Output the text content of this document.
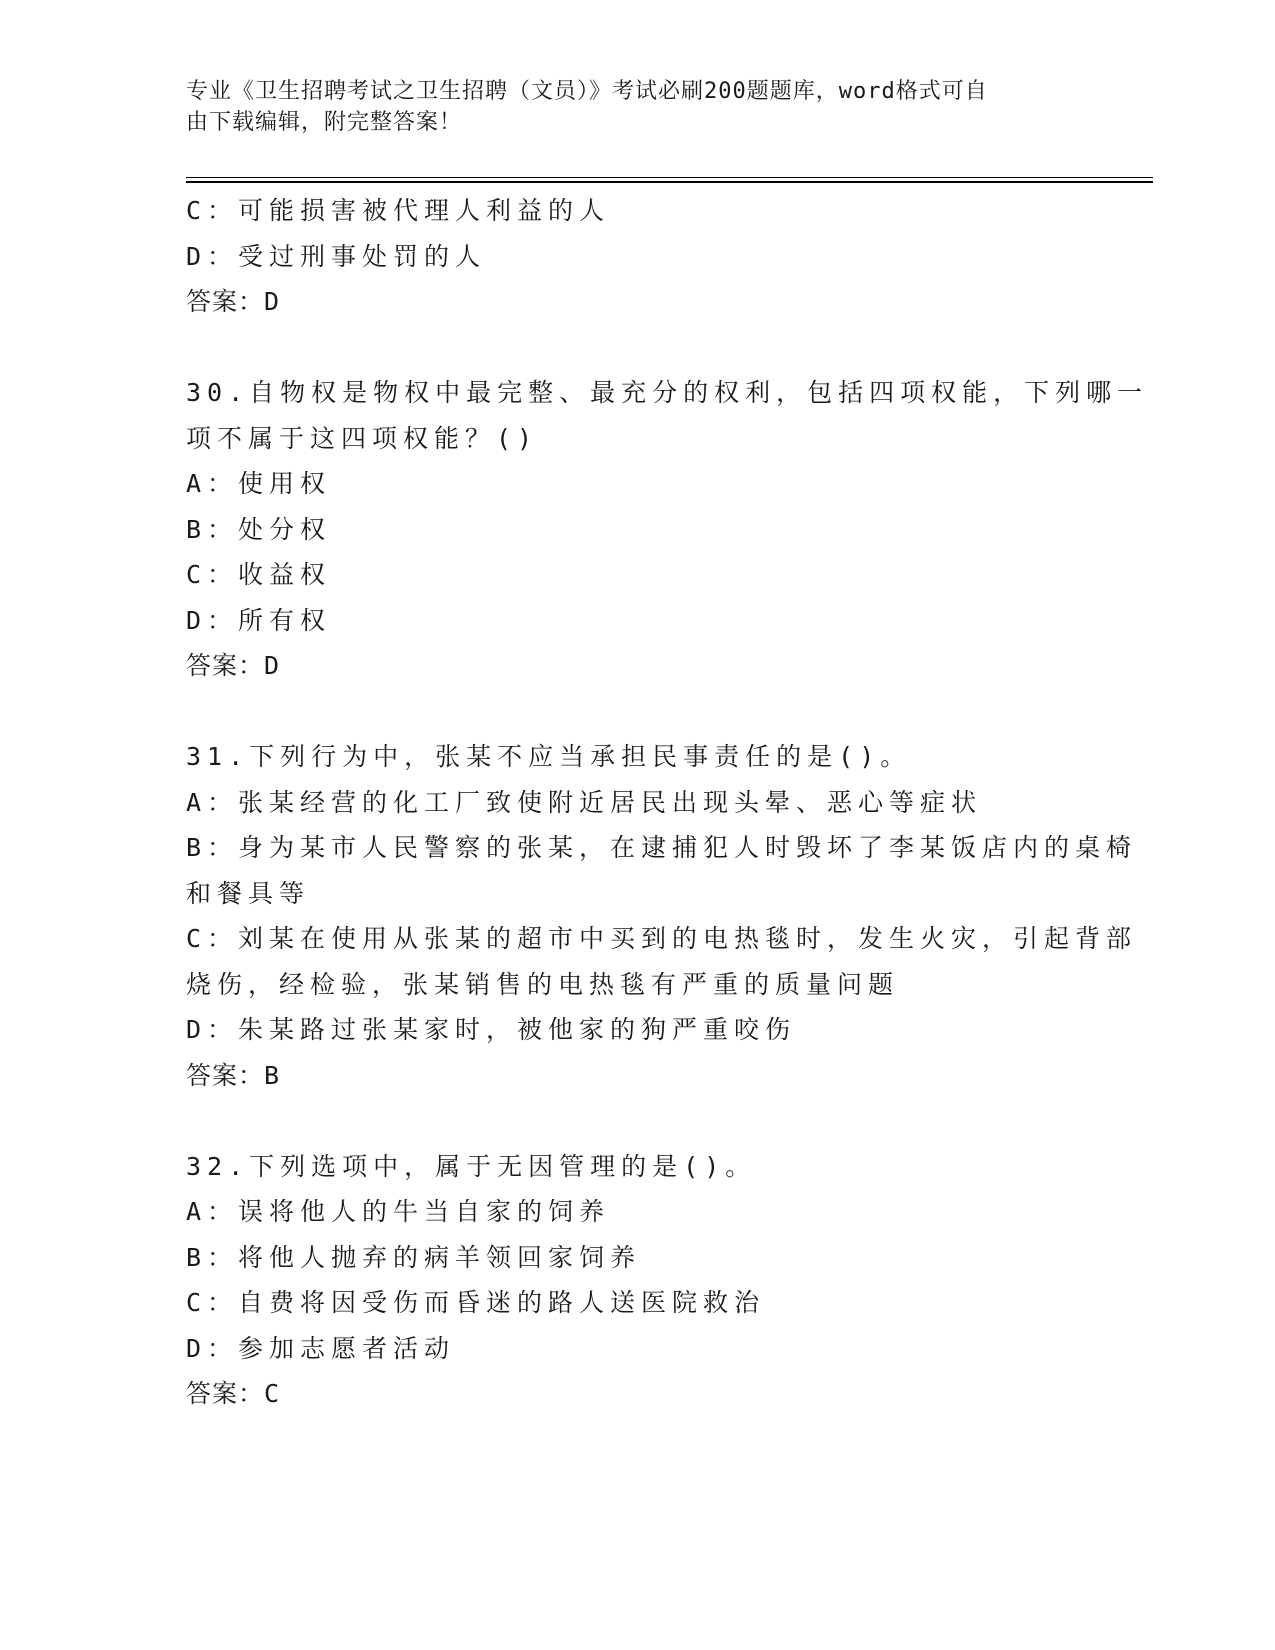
专业《卫生招聘考试之卫生招聘（文员）》考试必刷200题题库，word格式可自
由下载编辑，附完整答案！

C：可能损害被代理人利益的人
D：受过刑事处罚的人
答案：D
30.自物权是物权中最完整、最充分的权利，包括四项权能，下列哪一
项不属于这四项权能？()
A：使用权
B：处分权
C：收益权
D：所有权
答案：D
31.下列行为中，张某不应当承担民事责任的是()。
A：张某经营的化工厂致使附近居民出现头晕、恶心等症状
B：身为某市人民警察的张某，在逮捕犯人时毁坏了李某饭店内的桌椅
和餐具等
C：刘某在使用从张某的超市中买到的电热毯时，发生火灾，引起背部
烧伤，经检验，张某销售的电热毯有严重的质量问题
D：朱某路过张某家时，被他家的狗严重咬伤
答案：B
32.下列选项中，属于无因管理的是()。
A：误将他人的牛当自家的饲养
B：将他人抛弃的病羊领回家饲养
C：自费将因受伤而昏迷的路人送医院救治
D：参加志愿者活动
答案：C
